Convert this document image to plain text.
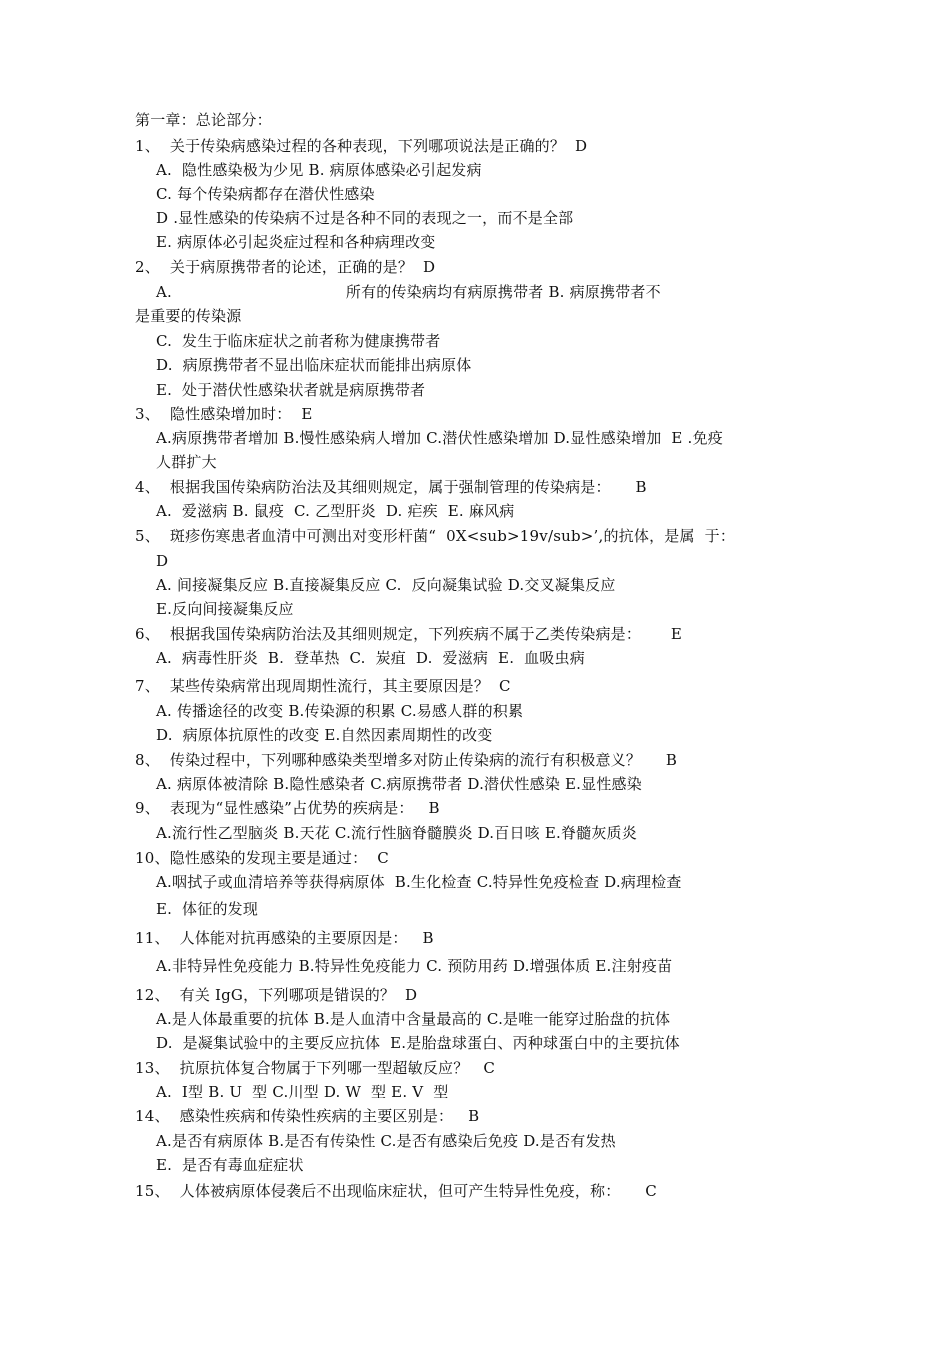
第一章：总论部分：
1、  关于传染病感染过程的各种表现，下列哪项说法是正确的？  D
A.  隐性感染极为少见 B. 病原体感染必引起发病
C. 每个传染病都存在潜伏性感染
D .显性感染的传染病不过是各种不同的表现之一，而不是全部
E. 病原体必引起炎症过程和各种病理改变
2、  关于病原携带者的论述，正确的是？  D
A.                                   所有的传染病均有病原携带者 B. 病原携带者不
是重要的传染源
C.  发生于临床症状之前者称为健康携带者
D.  病原携带者不显出临床症状而能排出病原体
E.  处于潜伏性感染状者就是病原携带者
3、  隐性感染增加时：  E
A.病原携带者增加 B.慢性感染病人增加 C.潜伏性感染增加 D.显性感染增加  E .免疫
人群扩大
4、  根据我国传染病防治法及其细则规定，属于强制管理的传染病是：     B
A.  爱滋病 B. 鼠疫  C. 乙型肝炎  D. 疟疾  E. 麻风病
5、  斑疹伤寒患者血清中可测出对变形杆菌“  0X<sub>19v/sub>’,的抗体，是属  于：
D
A. 间接凝集反应 B.直接凝集反应 C.  反向凝集试验 D.交叉凝集反应
E.反向间接凝集反应
6、  根据我国传染病防治法及其细则规定，下列疾病不属于乙类传染病是：      E
A.  病毒性肝炎  B.  登革热  C.  炭疽  D.  爱滋病  E.  血吸虫病
7、  某些传染病常出现周期性流行，其主要原因是？  C
A. 传播途径的改变 B.传染源的积累 C.易感人群的积累
D.  病原体抗原性的改变 E.自然因素周期性的改变
8、  传染过程中，下列哪种感染类型增多对防止传染病的流行有积极意义？     B
A. 病原体被清除 B.隐性感染者 C.病原携带者 D.潜伏性感染 E.显性感染
9、  表现为“显性感染”占优势的疾病是：   B
A.流行性乙型脑炎 B.天花 C.流行性脑脊髓膜炎 D.百日咳 E.脊髓灰质炎
10、隐性感染的发现主要是通过：  C
A.咽拭子或血清培养等获得病原体  B.生化检查 C.特异性免疫检查 D.病理检查
E.  体征的发现
11、  人体能对抗再感染的主要原因是：   B
A.非特异性免疫能力 B.特异性免疫能力 C. 预防用药 D.增强体质 E.注射疫苗
12、  有关 IgG，下列哪项是错误的？  D
A.是人体最重要的抗体 B.是人血清中含量最高的 C.是唯一能穿过胎盘的抗体
D.  是凝集试验中的主要反应抗体  E.是胎盘球蛋白、丙种球蛋白中的主要抗体
13、  抗原抗体复合物属于下列哪一型超敏反应？   C
A.  I型 B. U  型 C.川型 D. W  型 E. V  型
14、  感染性疾病和传染性疾病的主要区别是：   B
A.是否有病原体 B.是否有传染性 C.是否有感染后免疫 D.是否有发热
E.  是否有毒血症症状
15、  人体被病原体侵袭后不出现临床症状，但可产生特异性免疫，称：     C
